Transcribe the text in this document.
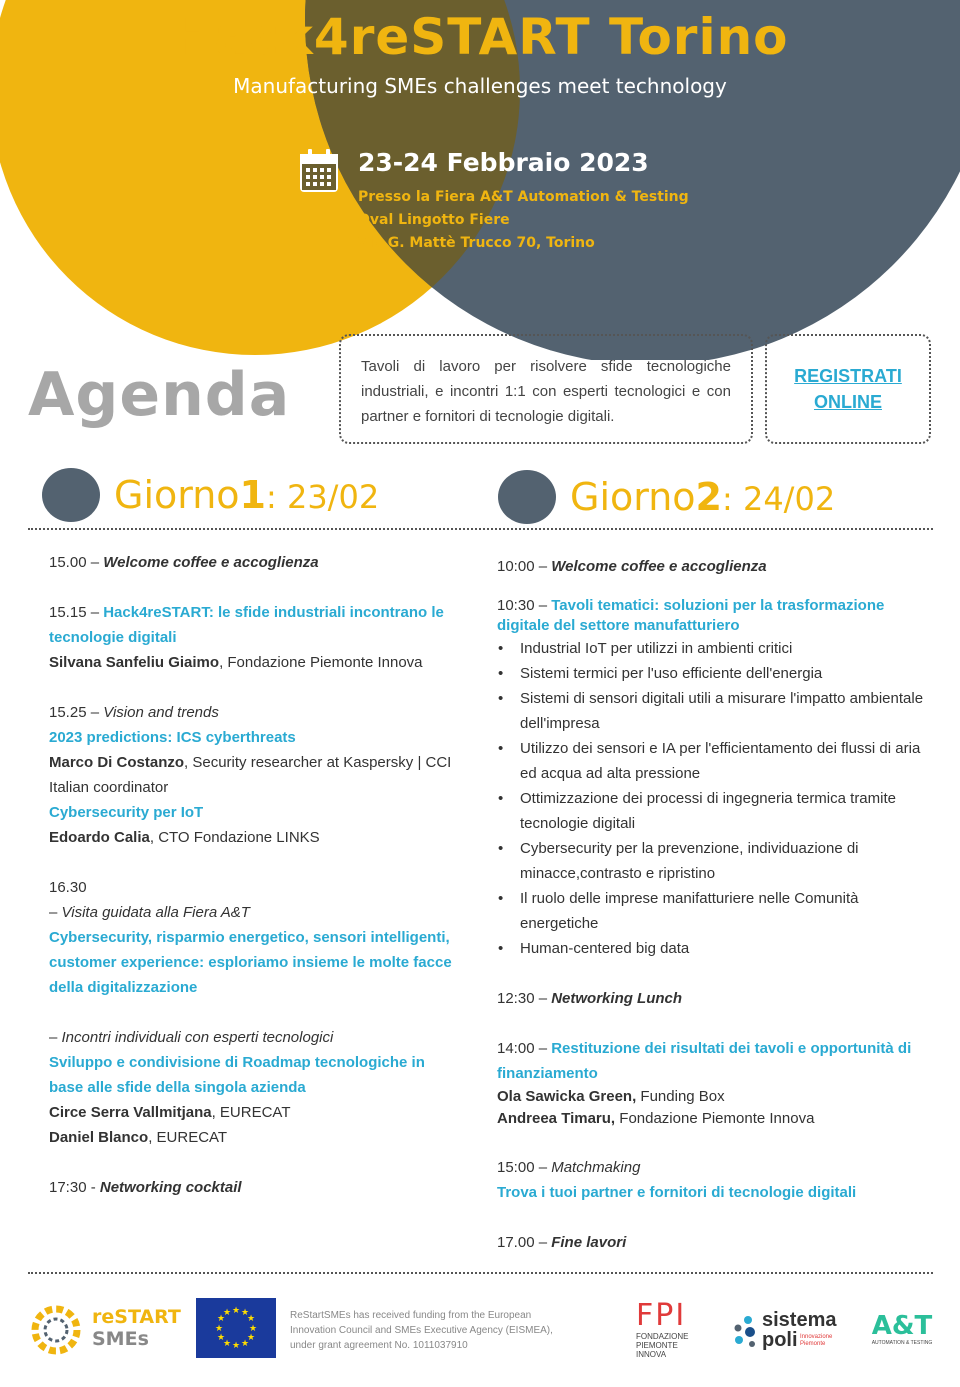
Hack4reSTART Torino
Manufacturing SMEs challenges meet technology
23-24 Febbraio 2023
Presso la Fiera A&T Automation & Testing
Oval Lingotto Fiere
Via G. Mattè Trucco 70, Torino
Agenda	Tavoli di lavoro per risolvere sfide tecnologiche industriali, e incontri 1:1 con esperti tecnologici e con partner e fornitori di tecnologie digitali.
REGISTRATI
ONLINE
Giorno1: 23/02	Giorno2: 24/02
15.00 – Welcome coffee e accoglienza
15.15 – Hack4reSTART: le sfide industriali incontrano le tecnologie digitali
Silvana Sanfeliu Giaimo, Fondazione Piemonte Innova
15.25 – Vision and trends
2023 predictions: ICS cyberthreats
Marco Di Costanzo, Security researcher at Kaspersky | CCI Italian coordinator
Cybersecurity per IoT
Edoardo Calia, CTO Fondazione LINKS
16.30
– Visita guidata alla Fiera A&T
Cybersecurity, risparmio energetico, sensori intelligenti, customer experience: esploriamo insieme le molte facce della digitalizzazione
– Incontri individuali con esperti tecnologici
Sviluppo e condivisione di Roadmap tecnologiche in base alle sfide della singola azienda
Circe Serra Vallmitjana, EURECAT
Daniel Blanco, EURECAT
17:30 - Networking cocktail
10:00 – Welcome coffee e accoglienza
10:30 – Tavoli tematici: soluzioni per la trasformazione digitale del settore manufatturiero
• Industrial IoT per utilizzi in ambienti critici
• Sistemi termici per l'uso efficiente dell'energia
• Sistemi di sensori digitali utili a misurare l'impatto ambientale dell'impresa
• Utilizzo dei sensori e IA per l'efficientamento dei flussi di aria ed acqua ad alta pressione
• Ottimizzazione dei processi di ingegneria termica tramite tecnologie digitali
• Cybersecurity per la prevenzione, individuazione di minacce,contrasto e ripristino
• Il ruolo delle imprese manifatturiere nelle Comunità energetiche
• Human-centered big data
12:30 – Networking Lunch
14:00 – Restituzione dei risultati dei tavoli e opportunità di finanziamento
Ola Sawicka Green, Funding Box
Andreea Timaru, Fondazione Piemonte Innova
15:00 – Matchmaking
Trova i tuoi partner e fornitori di tecnologie digitali
17.00 – Fine lavori
reSTART
SMEs
★ ★
★
★
★
★
★
★
★
★
★
★	ReStartSMEs has received funding from the European Innovation Council and SMEs Executive Agency (EISMEA), under grant agreement No. 1011037910
FPI
FONDAZIONE PIEMONTE INNOVA
sistema
poli Innovazione Piemonte
A&T
AUTOMATION & TESTING
